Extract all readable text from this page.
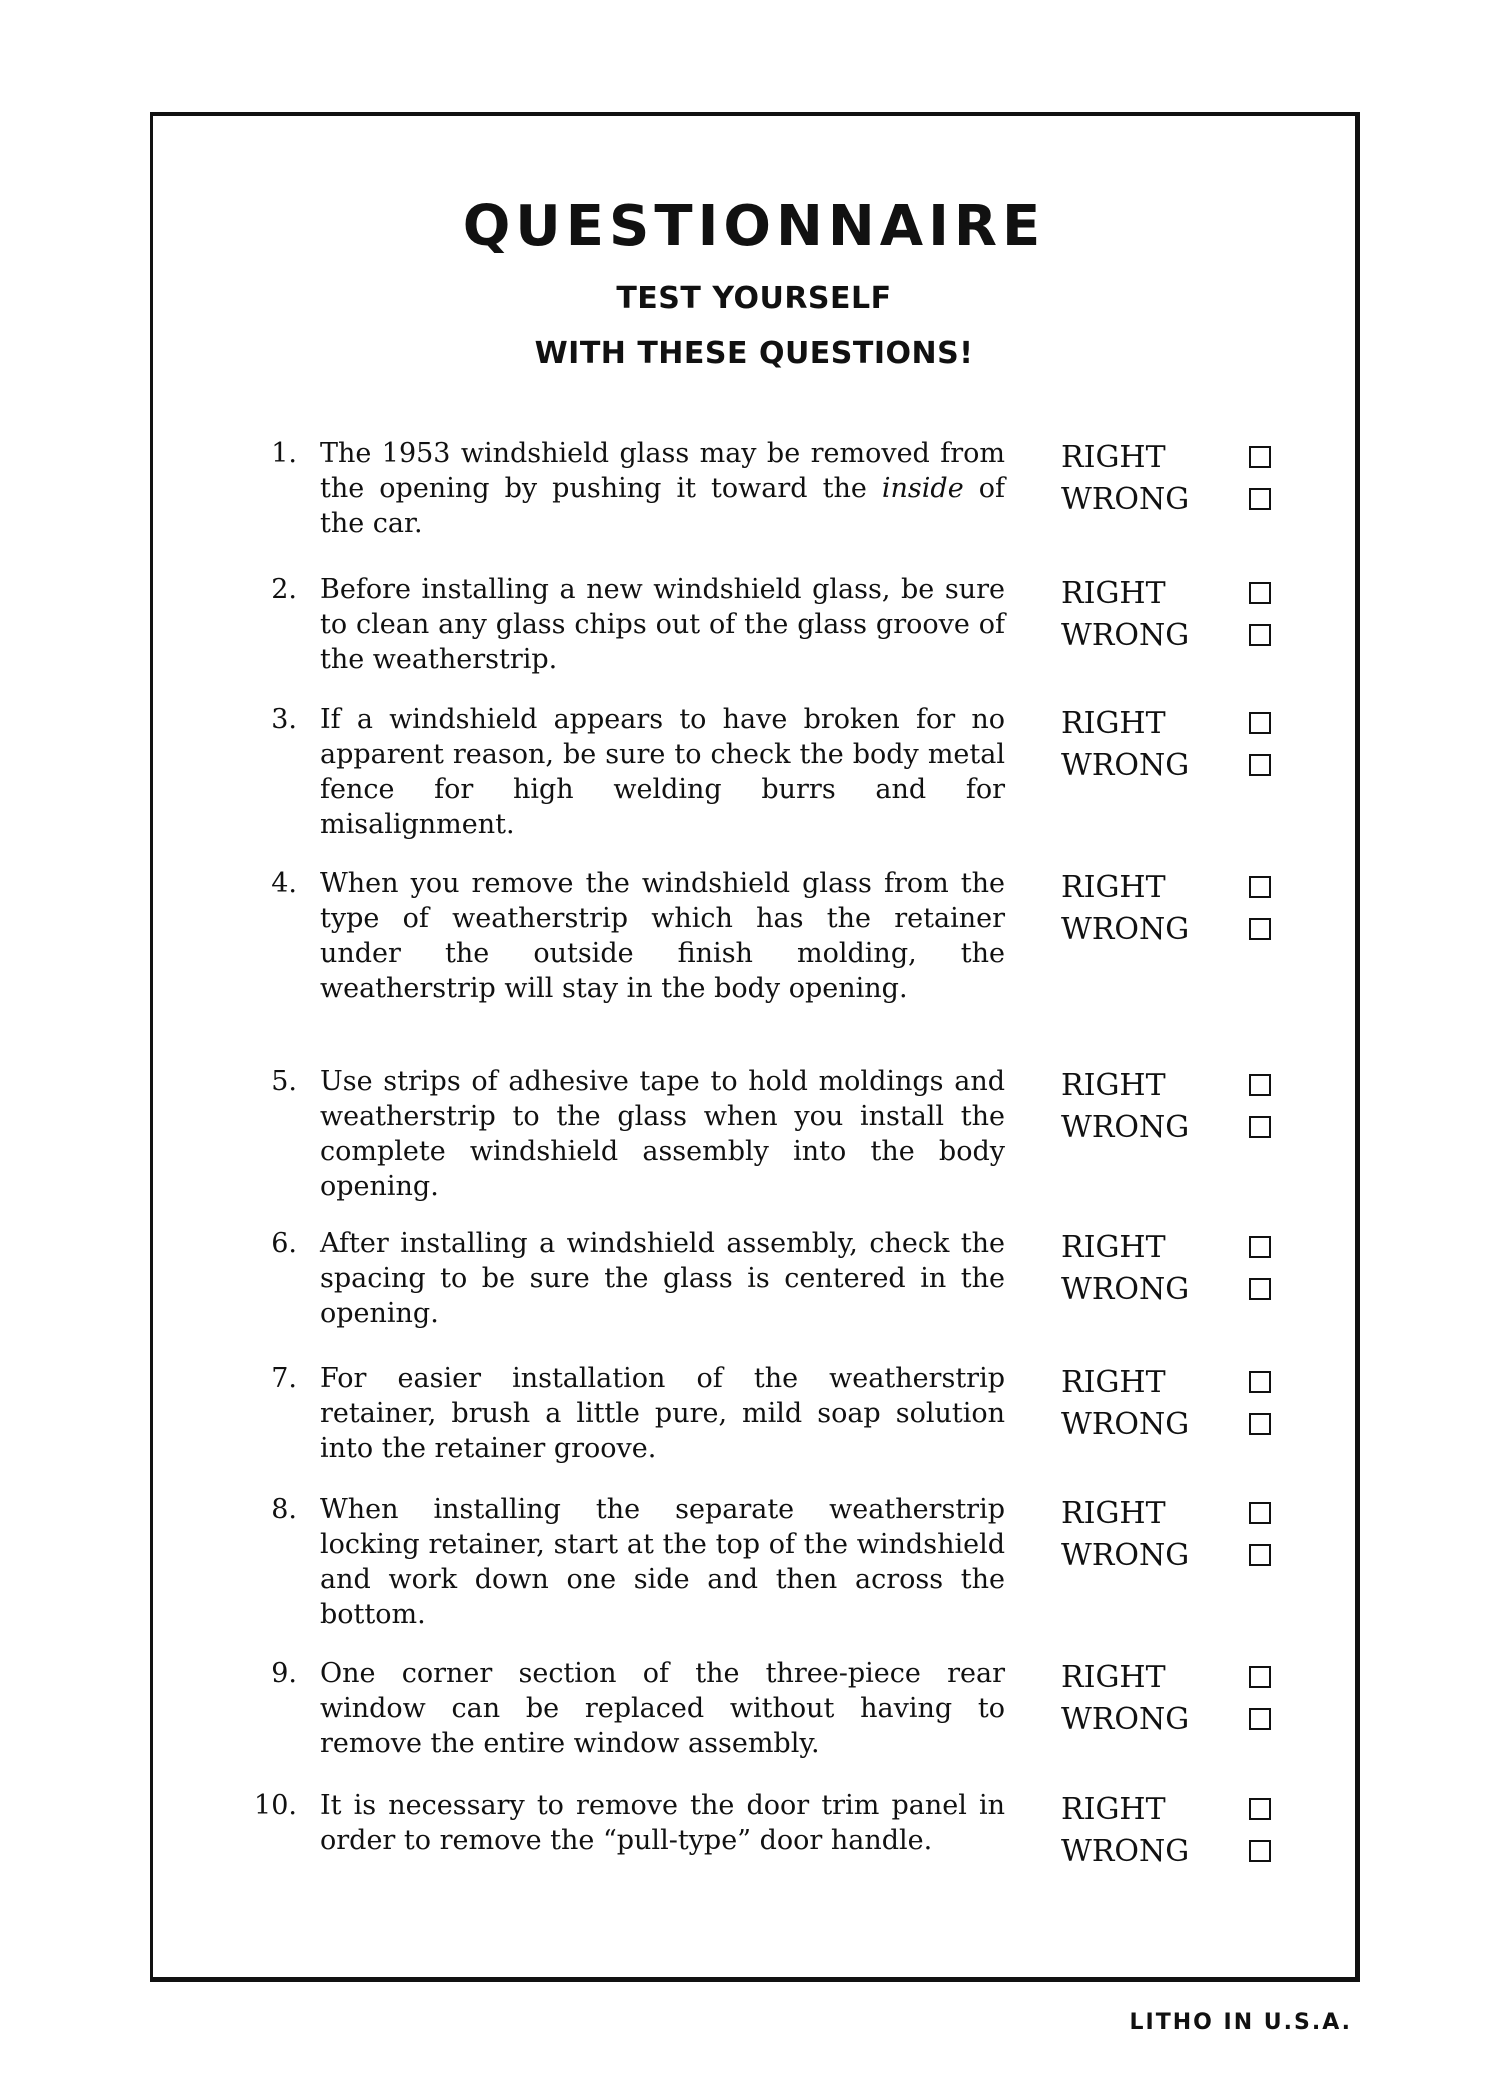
QUESTIONNAIRE
TEST YOURSELF
WITH THESE QUESTIONS!
1. The 1953 windshield glass may be removed from the opening by pushing it toward the inside of the car.

RIGHT
WRONG
2. Before installing a new windshield glass, be sure to clean any glass chips out of the glass groove of the weatherstrip.

RIGHT
WRONG
3. If a windshield appears to have broken for no apparent reason, be sure to check the body metal fence for high welding burrs and for misalignment.

RIGHT
WRONG
4. When you remove the windshield glass from the type of weatherstrip which has the retainer under the outside finish molding, the weatherstrip will stay in the body opening.

RIGHT
WRONG
5. Use strips of adhesive tape to hold moldings and weatherstrip to the glass when you install the complete windshield assembly into the body opening.

RIGHT
WRONG
6. After installing a windshield assembly, check the spacing to be sure the glass is centered in the opening.

RIGHT
WRONG
7. For easier installation of the weatherstrip retainer, brush a little pure, mild soap solution into the retainer groove.

RIGHT
WRONG
8. When installing the separate weatherstrip locking retainer, start at the top of the windshield and work down one side and then across the bottom.

RIGHT
WRONG
9. One corner section of the three-piece rear window can be replaced without having to remove the entire window assembly.

RIGHT
WRONG
10. It is necessary to remove the door trim panel in order to remove the “pull-type” door handle.

RIGHT
WRONG
LITHO IN U.S.A.
